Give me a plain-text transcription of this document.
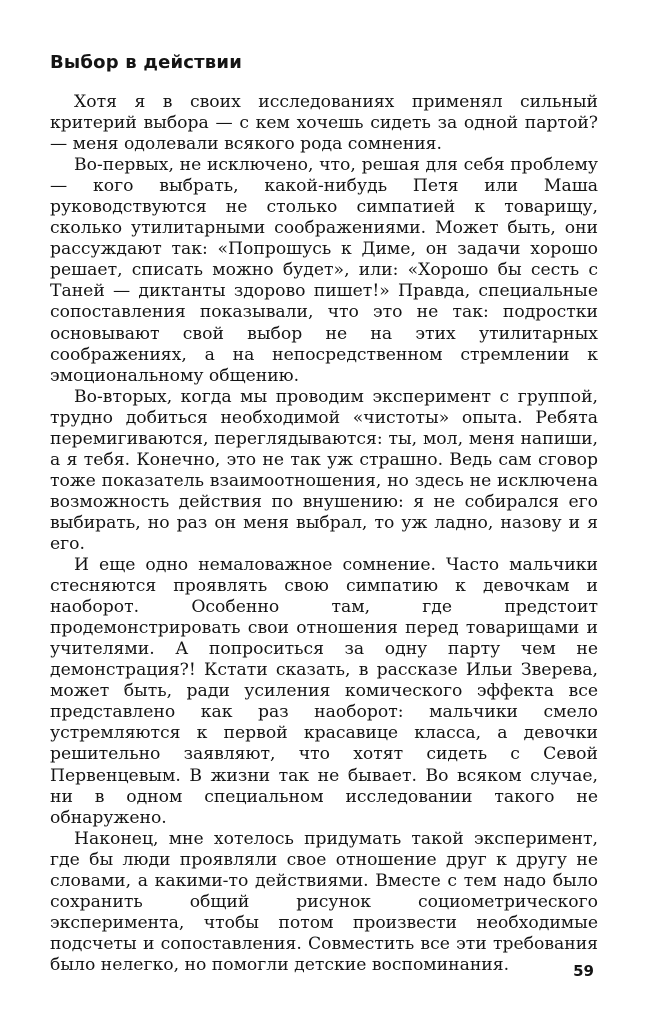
Выбор в действии

Хотя я в своих исследованиях применял сильный критерий выбора — с кем хочешь сидеть за одной партой? — меня одолевали всякого рода сомнения.

Во-первых, не исключено, что, решая для себя проблему — кого выбрать, какой-нибудь Петя или Маша руководствуются не столько симпатией к товарищу, сколько утилитарными соображениями. Может быть, они рассуждают так: «Попрошусь к Диме, он задачи хорошо решает, списать можно будет», или: «Хорошо бы сесть с Таней — диктанты здорово пишет!» Правда, специальные сопоставления показывали, что это не так: подростки основывают свой выбор не на этих утилитарных соображениях, а на непосредственном стремлении к эмоциональному общению.

Во-вторых, когда мы проводим эксперимент с группой, трудно добиться необходимой «чистоты» опыта. Ребята перемигиваются, переглядываются: ты, мол, меня напиши, а я тебя. Конечно, это не так уж страшно. Ведь сам сговор тоже показатель взаимоотношения, но здесь не исключена возможность действия по внушению: я не собирался его выбирать, но раз он меня выбрал, то уж ладно, назову и я его.

И еще одно немаловажное сомнение. Часто мальчики стесняются проявлять свою симпатию к девочкам и наоборот. Особенно там, где предстоит продемонстрировать свои отношения перед товарищами и учителями. А попроситься за одну парту чем не демонстрация?! Кстати сказать, в рассказе Ильи Зверева, может быть, ради усиления комического эффекта все представлено как раз наоборот: мальчики смело устремляются к первой красавице класса, а девочки решительно заявляют, что хотят сидеть с Севой Первенцевым. В жизни так не бывает. Во всяком случае, ни в одном специальном исследовании такого не обнаружено.

Наконец, мне хотелось придумать такой эксперимент, где бы люди проявляли свое отношение друг к другу не словами, а какими-то действиями. Вместе с тем надо было сохранить общий рисунок социометрического эксперимента, чтобы потом произвести необходимые подсчеты и сопоставления. Совместить все эти требования было нелегко, но помогли детские воспоминания.	59
